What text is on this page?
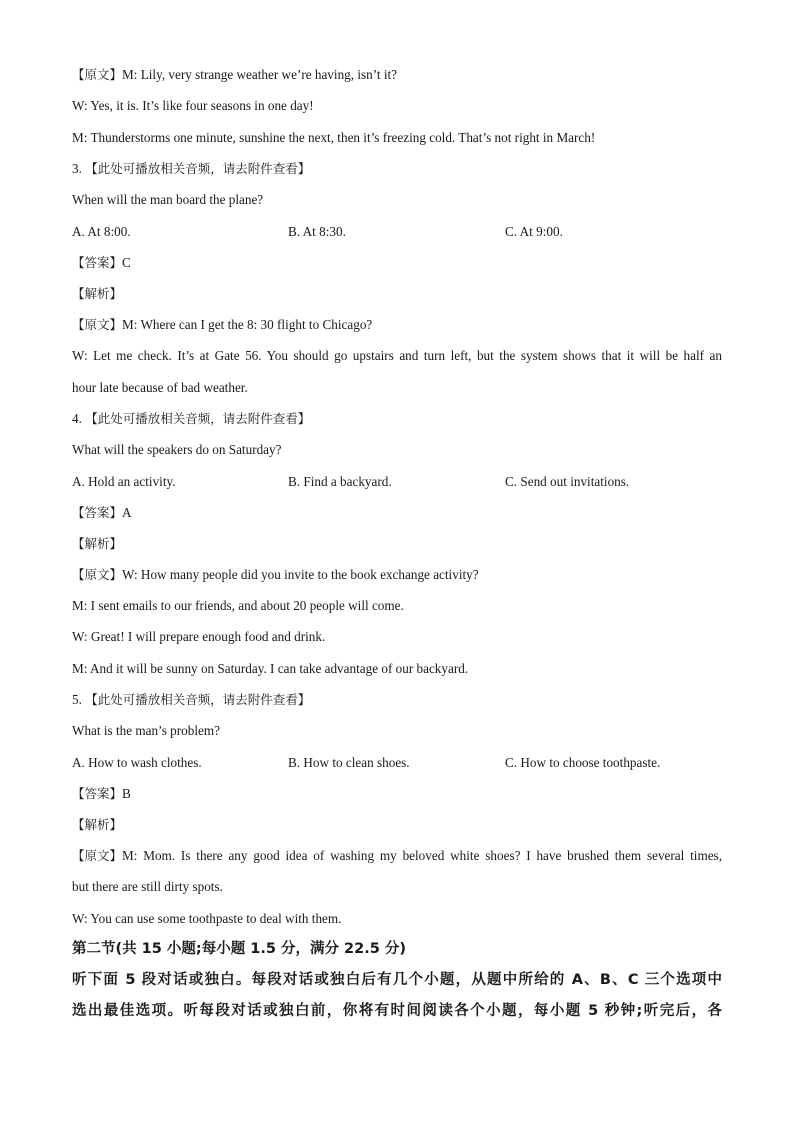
【原文】M: Lily, very strange weather we’re having, isn’t it?
W: Yes, it is. It’s like four seasons in one day!
M: Thunderstorms one minute, sunshine the next, then it’s freezing cold. That’s not right in March!
3. 【此处可播放相关音频，请去附件查看】
When will the man board the plane?
A. At 8:00.	B. At 8:30.	C. At 9:00.
【答案】C
【解析】
【原文】M: Where can I get the 8: 30 flight to Chicago?
W: Let me check. It’s at Gate 56. You should go upstairs and turn left, but the system shows that it will be half an
hour late because of bad weather.
4. 【此处可播放相关音频，请去附件查看】
What will the speakers do on Saturday?
A. Hold an activity.	B. Find a backyard.	C. Send out invitations.
【答案】A
【解析】
【原文】W: How many people did you invite to the book exchange activity?
M: I sent emails to our friends, and about 20 people will come.
W: Great! I will prepare enough food and drink.
M: And it will be sunny on Saturday. I can take advantage of our backyard.
5. 【此处可播放相关音频，请去附件查看】
What is the man’s problem?
A. How to wash clothes.	B. How to clean shoes.	C. How to choose toothpaste.
【答案】B
【解析】
【原文】 M: Mom. Is there any good idea of washing my beloved white shoes? I have brushed them several times,
but there are still dirty spots.
W: You can use some toothpaste to deal with them.
第二节(共 15 小题;每小题 1.5 分，满分 22.5 分)
听下面 5 段对话或独白。每段对话或独白后有几个小题，从题中所给的 A、B、C 三个选项中
选出最佳选项。听每段对话或独白前，你将有时间阅读各个小题，每小题 5 秒钟;听完后，各
